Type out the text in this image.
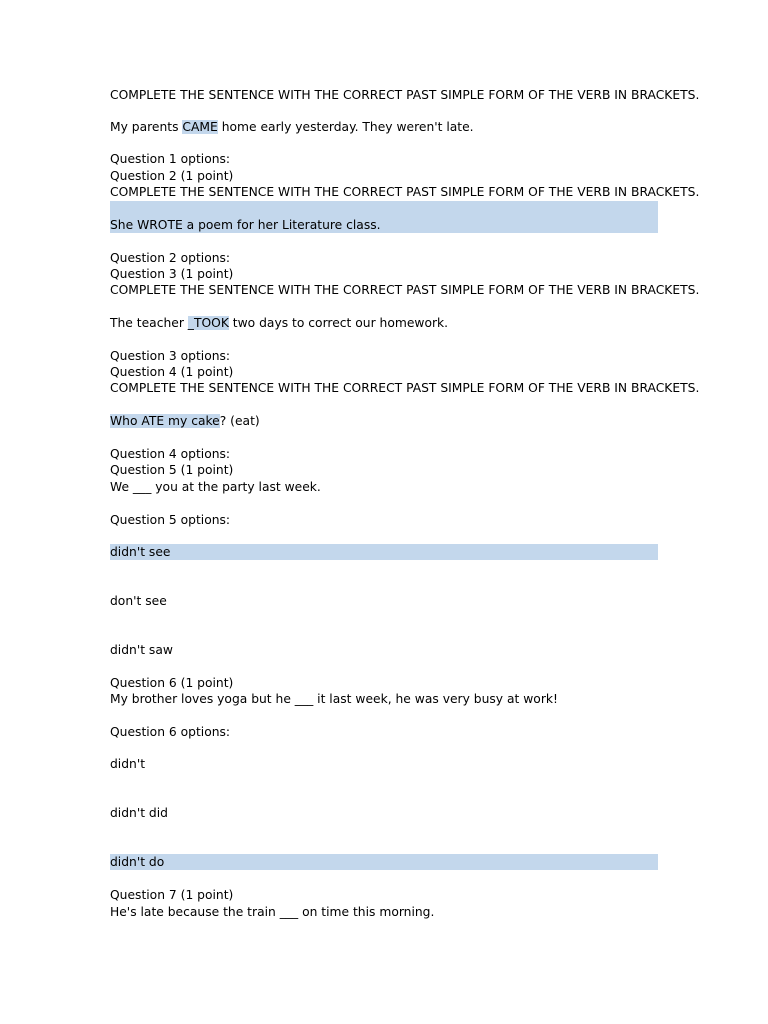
COMPLETE THE SENTENCE WITH THE CORRECT PAST SIMPLE FORM OF THE VERB IN BRACKETS.
My parents CAME home early yesterday. They weren't late.
Question 1 options:
Question 2 (1 point)
COMPLETE THE SENTENCE WITH THE CORRECT PAST SIMPLE FORM OF THE VERB IN BRACKETS.
She WROTE a poem for her Literature class.
Question 2 options:
Question 3 (1 point)
COMPLETE THE SENTENCE WITH THE CORRECT PAST SIMPLE FORM OF THE VERB IN BRACKETS.
The teacher _TOOK two days to correct our homework.
Question 3 options:
Question 4 (1 point)
COMPLETE THE SENTENCE WITH THE CORRECT PAST SIMPLE FORM OF THE VERB IN BRACKETS.
Who ATE my cake? (eat)
Question 4 options:
Question 5 (1 point)
We ___ you at the party last week.
Question 5 options:
didn't see
don't see
didn't saw
Question 6 (1 point)
My brother loves yoga but he ___ it last week, he was very busy at work!
Question 6 options:
didn't
didn't did
didn't do
Question 7 (1 point)
He's late because the train ___ on time this morning.
